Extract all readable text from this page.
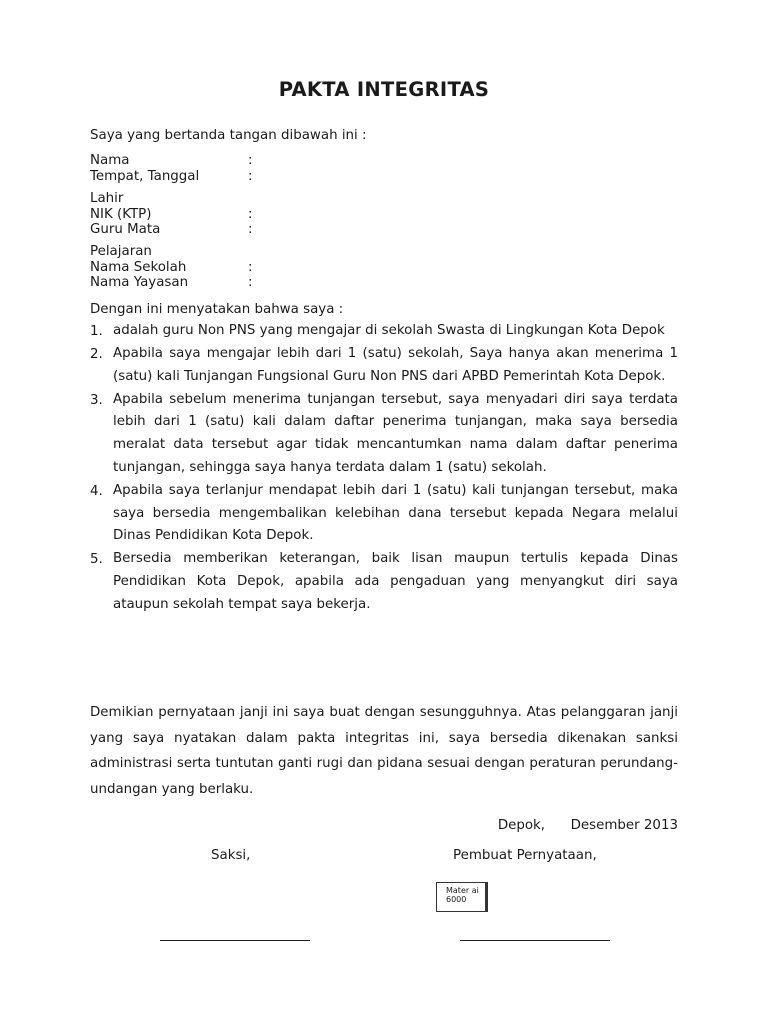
PAKTA INTEGRITAS
Saya yang bertanda tangan dibawah ini :
Nama	:
Tempat, Tanggal	:
Lahir
NIK (KTP)	:
Guru Mata	:
Pelajaran
Nama Sekolah	:
Nama Yayasan	:
Dengan ini menyatakan bahwa saya :
1. adalah guru Non PNS yang mengajar di sekolah Swasta di Lingkungan Kota Depok
2. Apabila saya mengajar lebih dari 1 (satu) sekolah, Saya hanya akan menerima 1 (satu) kali Tunjangan Fungsional Guru Non PNS dari APBD Pemerintah Kota Depok.
3. Apabila sebelum menerima tunjangan tersebut, saya menyadari diri saya terdata lebih dari 1 (satu) kali dalam daftar penerima tunjangan, maka saya bersedia meralat data tersebut agar tidak mencantumkan nama dalam daftar penerima tunjangan, sehingga saya hanya terdata dalam 1 (satu) sekolah.
4. Apabila saya terlanjur mendapat lebih dari 1 (satu) kali tunjangan tersebut, maka saya bersedia mengembalikan kelebihan dana tersebut kepada Negara melalui Dinas Pendidikan Kota Depok.
5. Bersedia memberikan keterangan, baik lisan maupun tertulis kepada Dinas Pendidikan Kota Depok, apabila ada pengaduan yang menyangkut diri saya ataupun sekolah tempat saya bekerja.
Demikian pernyataan janji ini saya buat dengan sesungguhnya. Atas pelanggaran janji yang saya nyatakan dalam pakta integritas ini, saya bersedia dikenakan sanksi administrasi serta tuntutan ganti rugi dan pidana sesuai dengan peraturan perundang-undangan yang berlaku.
Depok,      Desember 2013
Saksi,	Pembuat Pernyataan,
Mater ai 6000
